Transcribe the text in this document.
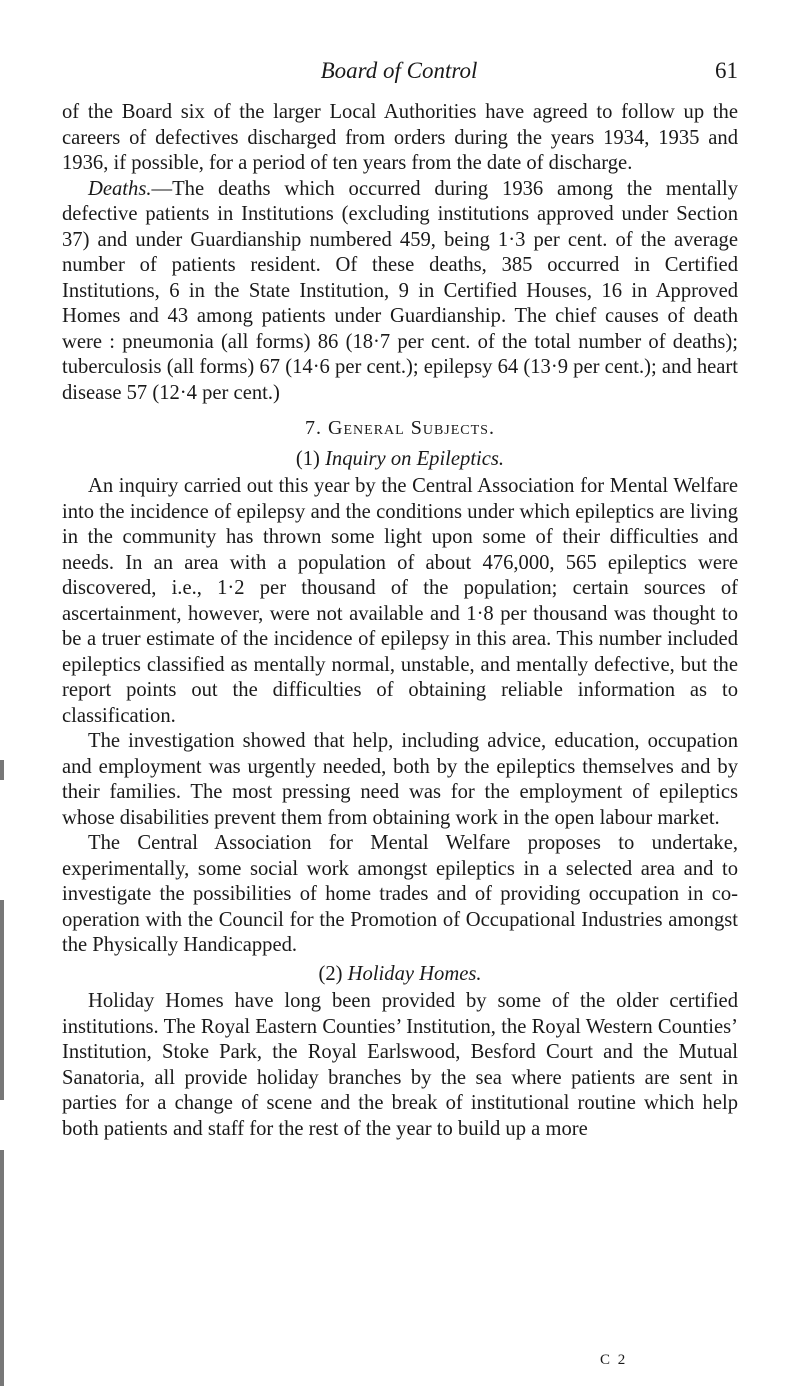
Board of Control	61

of the Board six of the larger Local Authorities have agreed to follow up the careers of defectives discharged from orders during the years 1934, 1935 and 1936, if possible, for a period of ten years from the date of discharge.

Deaths.—The deaths which occurred during 1936 among the mentally defective patients in Institutions (excluding institutions approved under Section 37) and under Guardianship numbered 459, being 1·3 per cent. of the average number of patients resident. Of these deaths, 385 occurred in Certified Institutions, 6 in the State Institution, 9 in Certified Houses, 16 in Approved Homes and 43 among patients under Guardianship. The chief causes of death were : pneumonia (all forms) 86 (18·7 per cent. of the total number of deaths); tuberculosis (all forms) 67 (14·6 per cent.); epilepsy 64 (13·9 per cent.); and heart disease 57 (12·4 per cent.)

7. General Subjects.
(1) Inquiry on Epileptics.

An inquiry carried out this year by the Central Association for Mental Welfare into the incidence of epilepsy and the conditions under which epileptics are living in the community has thrown some light upon some of their difficulties and needs. In an area with a population of about 476,000, 565 epileptics were discovered, i.e., 1·2 per thousand of the population; certain sources of ascertainment, however, were not available and 1·8 per thousand was thought to be a truer estimate of the incidence of epilepsy in this area. This number included epileptics classified as mentally normal, unstable, and mentally defective, but the report points out the difficulties of obtaining reliable information as to classification.

The investigation showed that help, including advice, education, occupation and employment was urgently needed, both by the epileptics themselves and by their families. The most pressing need was for the employment of epileptics whose disabilities prevent them from obtaining work in the open labour market.

The Central Association for Mental Welfare proposes to undertake, experimentally, some social work amongst epileptics in a selected area and to investigate the possibilities of home trades and of providing occupation in co-operation with the Council for the Promotion of Occupational Industries amongst the Physically Handicapped.

(2) Holiday Homes.

Holiday Homes have long been provided by some of the older certified institutions. The Royal Eastern Counties’ Institution, the Royal Western Counties’ Institution, Stoke Park, the Royal Earlswood, Besford Court and the Mutual Sanatoria, all provide holiday branches by the sea where patients are sent in parties for a change of scene and the break of institutional routine which help both patients and staff for the rest of the year to build up a more

C 2
